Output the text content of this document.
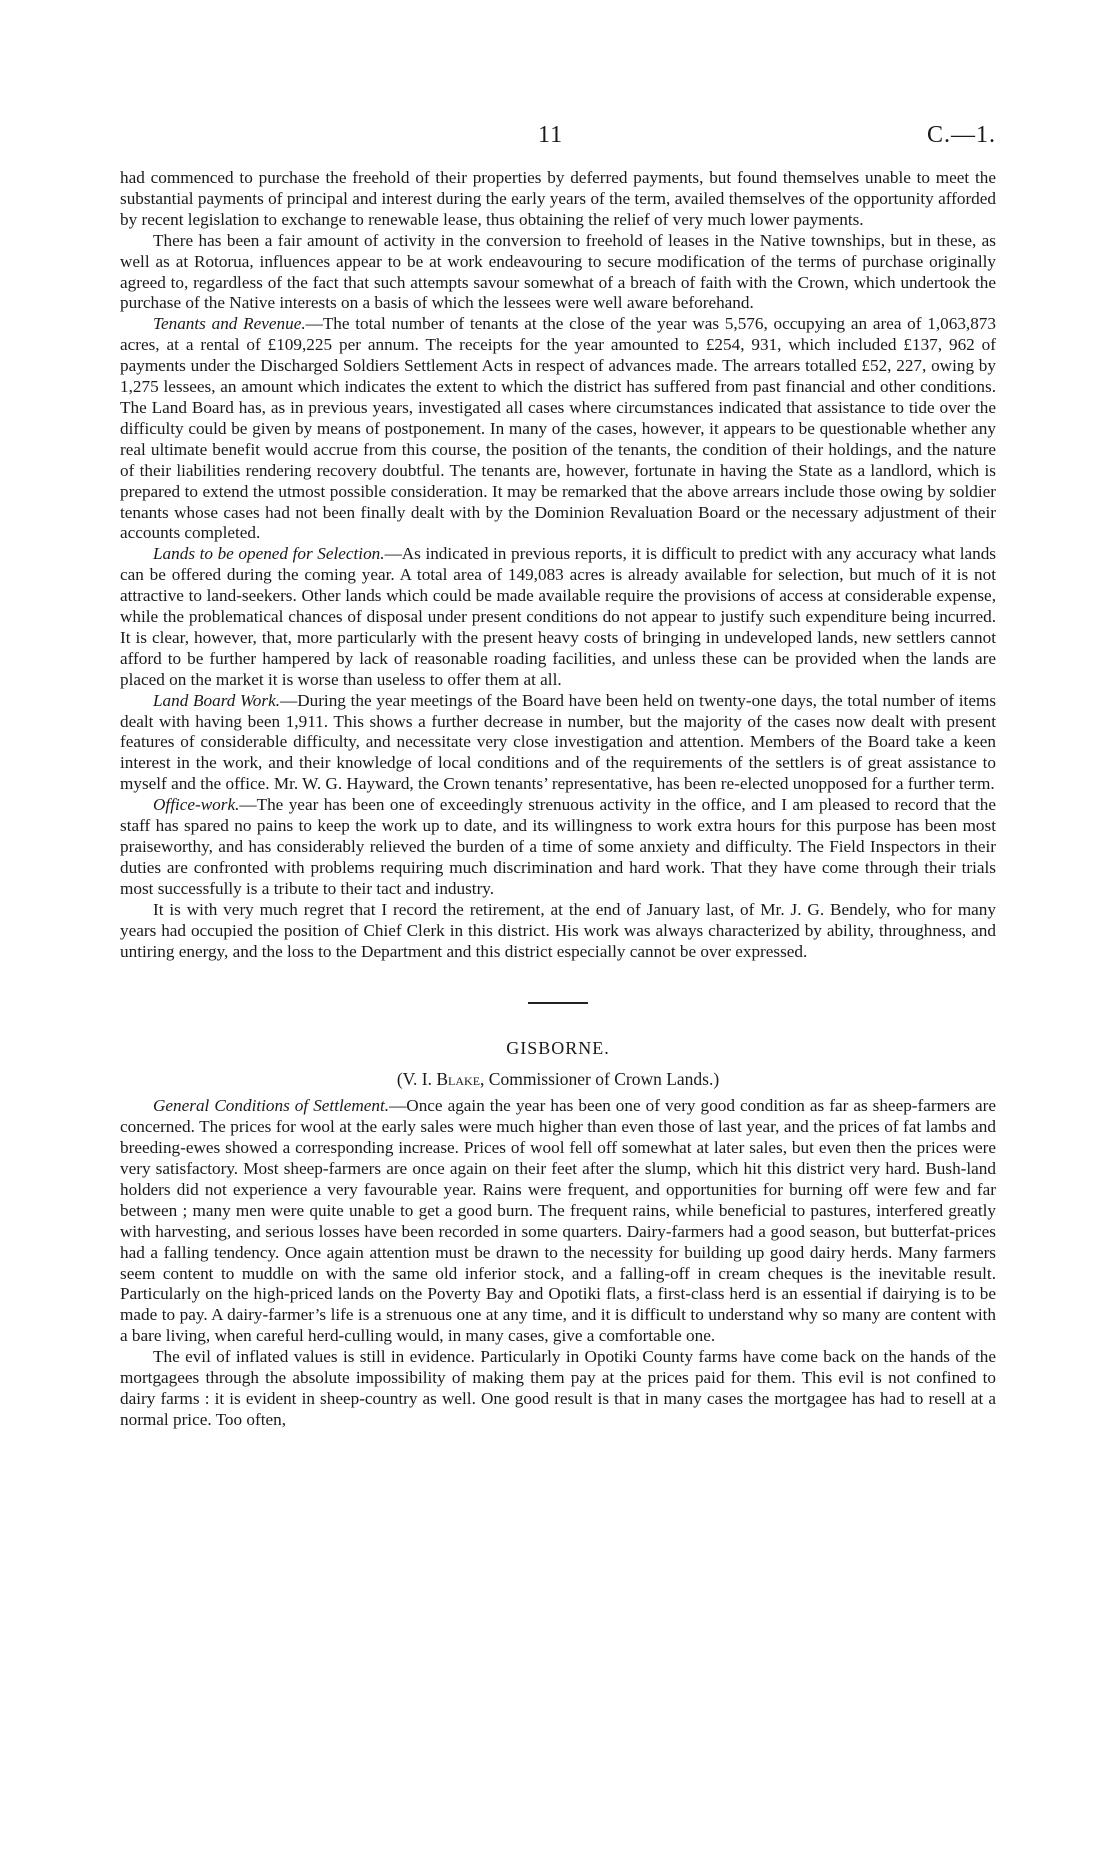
11	C.—1.

had commenced to purchase the freehold of their properties by deferred payments, but found themselves unable to meet the substantial payments of principal and interest during the early years of the term, availed themselves of the opportunity afforded by recent legislation to exchange to renewable lease, thus obtaining the relief of very much lower payments.

There has been a fair amount of activity in the conversion to freehold of leases in the Native townships, but in these, as well as at Rotorua, influences appear to be at work endeavouring to secure modification of the terms of purchase originally agreed to, regardless of the fact that such attempts savour somewhat of a breach of faith with the Crown, which undertook the purchase of the Native interests on a basis of which the lessees were well aware beforehand.

Tenants and Revenue.—The total number of tenants at the close of the year was 5,576, occupying an area of 1,063,873 acres, at a rental of £109,225 per annum. The receipts for the year amounted to £254, 931, which included £137, 962 of payments under the Discharged Soldiers Settlement Acts in respect of advances made. The arrears totalled £52, 227, owing by 1,275 lessees, an amount which indicates the extent to which the district has suffered from past financial and other conditions. The Land Board has, as in previous years, investigated all cases where circumstances indicated that assistance to tide over the difficulty could be given by means of postponement. In many of the cases, however, it appears to be questionable whether any real ultimate benefit would accrue from this course, the position of the tenants, the condition of their holdings, and the nature of their liabilities rendering recovery doubtful. The tenants are, however, fortunate in having the State as a landlord, which is prepared to extend the utmost possible consideration. It may be remarked that the above arrears include those owing by soldier tenants whose cases had not been finally dealt with by the Dominion Revaluation Board or the necessary adjustment of their accounts completed.

Lands to be opened for Selection.—As indicated in previous reports, it is difficult to predict with any accuracy what lands can be offered during the coming year. A total area of 149,083 acres is already available for selection, but much of it is not attractive to land-seekers. Other lands which could be made available require the provisions of access at considerable expense, while the problematical chances of disposal under present conditions do not appear to justify such expenditure being incurred. It is clear, however, that, more particularly with the present heavy costs of bringing in undeveloped lands, new settlers cannot afford to be further hampered by lack of reasonable roading facilities, and unless these can be provided when the lands are placed on the market it is worse than useless to offer them at all.

Land Board Work.—During the year meetings of the Board have been held on twenty-one days, the total number of items dealt with having been 1,911. This shows a further decrease in number, but the majority of the cases now dealt with present features of considerable difficulty, and necessitate very close investigation and attention. Members of the Board take a keen interest in the work, and their knowledge of local conditions and of the requirements of the settlers is of great assistance to myself and the office. Mr. W. G. Hayward, the Crown tenants’ representative, has been re-elected unopposed for a further term.

Office-work.—The year has been one of exceedingly strenuous activity in the office, and I am pleased to record that the staff has spared no pains to keep the work up to date, and its willingness to work extra hours for this purpose has been most praiseworthy, and has considerably relieved the burden of a time of some anxiety and difficulty. The Field Inspectors in their duties are confronted with problems requiring much discrimination and hard work. That they have come through their trials most successfully is a tribute to their tact and industry.

It is with very much regret that I record the retirement, at the end of January last, of Mr. J. G. Bendely, who for many years had occupied the position of Chief Clerk in this district. His work was always characterized by ability, throughness, and untiring energy, and the loss to the Department and this district especially cannot be over expressed.

GISBORNE.
(V. I. Blake, Commissioner of Crown Lands.)

General Conditions of Settlement.—Once again the year has been one of very good condition as far as sheep-farmers are concerned. The prices for wool at the early sales were much higher than even those of last year, and the prices of fat lambs and breeding-ewes showed a corresponding increase. Prices of wool fell off somewhat at later sales, but even then the prices were very satisfactory. Most sheep-farmers are once again on their feet after the slump, which hit this district very hard. Bush-land holders did not experience a very favourable year. Rains were frequent, and opportunities for burning off were few and far between ; many men were quite unable to get a good burn. The frequent rains, while beneficial to pastures, interfered greatly with harvesting, and serious losses have been recorded in some quarters. Dairy-farmers had a good season, but butterfat-prices had a falling tendency. Once again attention must be drawn to the necessity for building up good dairy herds. Many farmers seem content to muddle on with the same old inferior stock, and a falling-off in cream cheques is the inevitable result. Particularly on the high-priced lands on the Poverty Bay and Opotiki flats, a first-class herd is an essential if dairying is to be made to pay. A dairy-farmer’s life is a strenuous one at any time, and it is difficult to understand why so many are content with a bare living, when careful herd-culling would, in many cases, give a comfortable one.

The evil of inflated values is still in evidence. Particularly in Opotiki County farms have come back on the hands of the mortgagees through the absolute impossibility of making them pay at the prices paid for them. This evil is not confined to dairy farms : it is evident in sheep-country as well. One good result is that in many cases the mortgagee has had to resell at a normal price. Too often,
